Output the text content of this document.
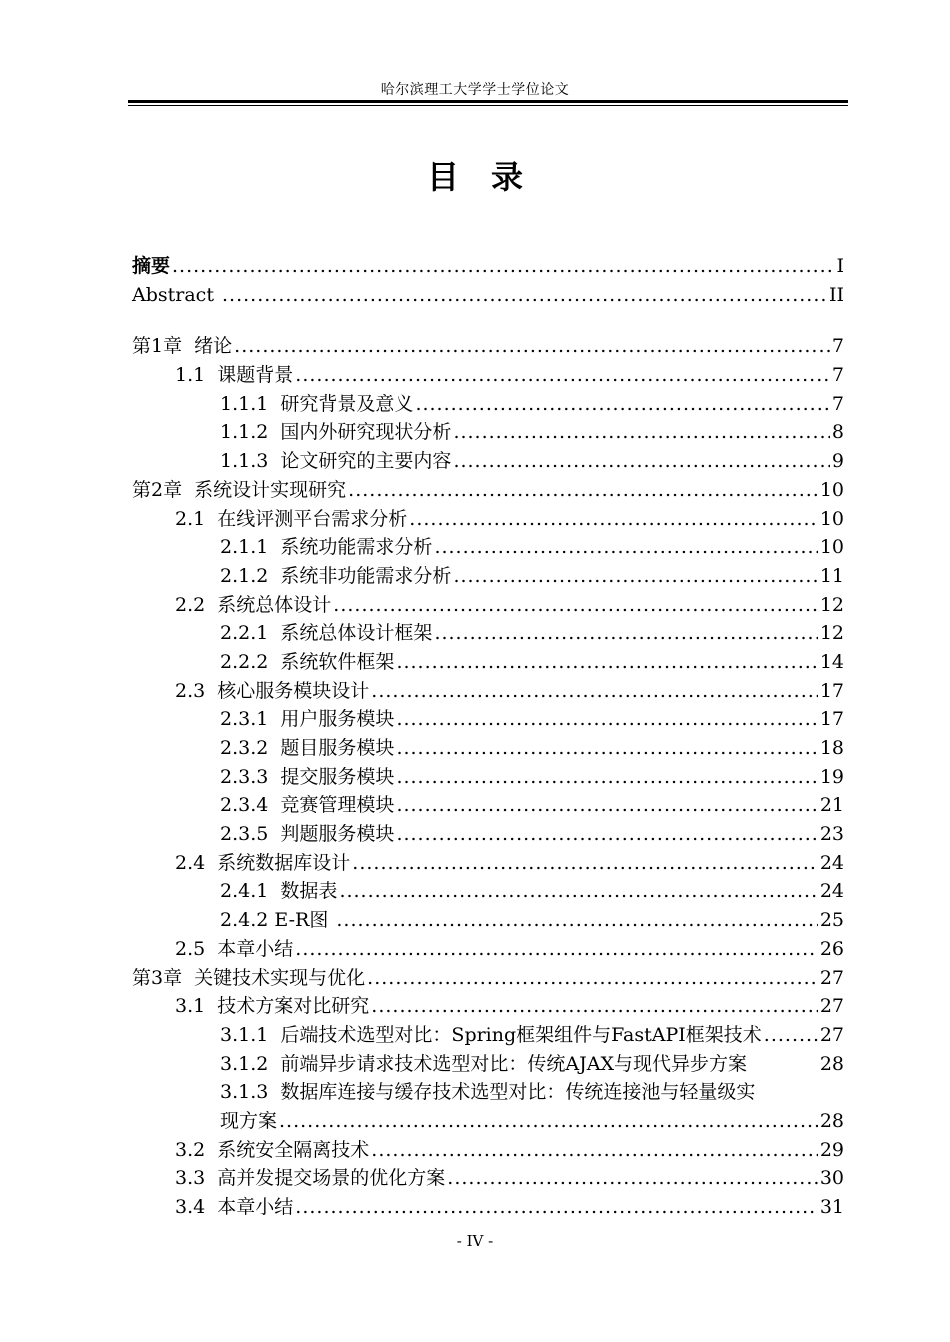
哈尔滨理工大学学士学位论文
目录
摘要 .....	I
Abstract .....	II
第1章  绪论 .....	7
1.1  课题背景 .....	7
1.1.1  研究背景及意义 .....	7
1.1.2  国内外研究现状分析 .....	8
1.1.3  论文研究的主要内容 .....	9
第2章  系统设计实现研究 .....	10
2.1  在线评测平台需求分析 .....	10
2.1.1  系统功能需求分析 .....	10
2.1.2  系统非功能需求分析 .....	11
2.2  系统总体设计 .....	12
2.2.1  系统总体设计框架 .....	12
2.2.2  系统软件框架 .....	14
2.3  核心服务模块设计 .....	17
2.3.1  用户服务模块 .....	17
2.3.2  题目服务模块 .....	18
2.3.3  提交服务模块 .....	19
2.3.4  竞赛管理模块 .....	21
2.3.5  判题服务模块 .....	23
2.4  系统数据库设计 .....	24
2.4.1  数据表 .....	24
2.4.2 E-R图 .....	25
2.5  本章小结 .....	26
第3章  关键技术实现与优化 .....	27
3.1  技术方案对比研究 .....	27
3.1.1  后端技术选型对比：Spring框架组件与FastAPI框架技术 .....	27
3.1.2  前端异步请求技术选型对比：传统AJAX与现代异步方案	28
3.1.3  数据库连接与缓存技术选型对比：传统连接池与轻量级实
现方案 .....	28
3.2  系统安全隔离技术 .....	29
3.3  高并发提交场景的优化方案 .....	30
3.4  本章小结 .....	31
- IV -
